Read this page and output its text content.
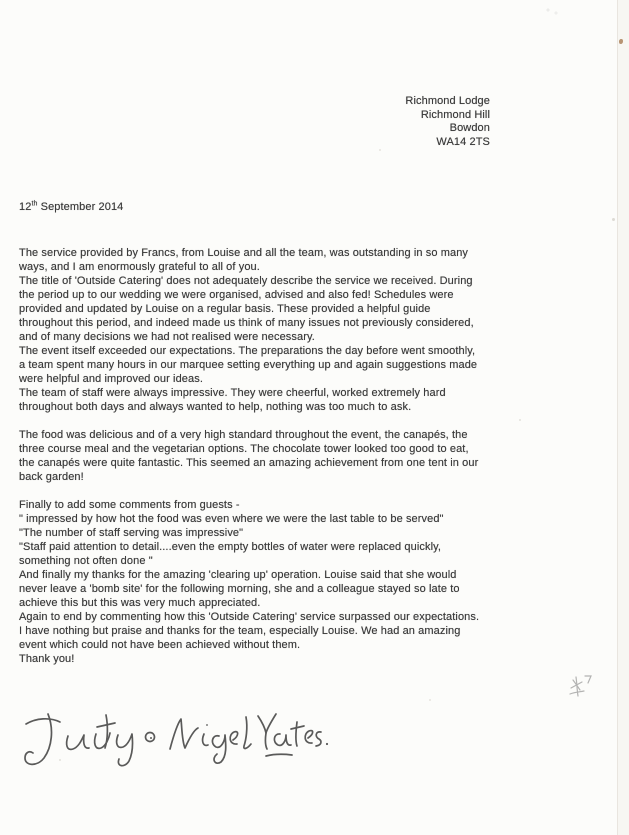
Richmond Lodge
Richmond Hill
Bowdon
WA14 2TS
12th September 2014
The service provided by Francs, from Louise and all the team, was outstanding in so many
ways, and I am enormously grateful to all of you.
The title of 'Outside Catering' does not adequately describe the service we received. During
the period up to our wedding we were organised, advised and also fed! Schedules were
provided and updated by Louise on a regular basis. These provided a helpful guide
throughout this period, and indeed made us think of many issues not previously considered,
and of many decisions we had not realised were necessary.
The event itself exceeded our expectations. The preparations the day before went smoothly,
a team spent many hours in our marquee setting everything up and again suggestions made
were helpful and improved our ideas.
The team of staff were always impressive. They were cheerful, worked extremely hard
throughout both days and always wanted to help, nothing was too much to ask.

The food was delicious and of a very high standard throughout the event, the canapés, the
three course meal and the vegetarian options. The chocolate tower looked too good to eat,
the canapés were quite fantastic. This seemed an amazing achievement from one tent in our
back garden!

Finally to add some comments from guests -
" impressed by how hot the food was even where we were the last table to be served"
"The number of staff serving was impressive"
"Staff paid attention to detail....even the empty bottles of water were replaced quickly,
something not often done "
And finally my thanks for the amazing 'clearing up' operation. Louise said that she would
never leave a 'bomb site' for the following morning, she and a colleague stayed so late to
achieve this but this was very much appreciated.
Again to end by commenting how this 'Outside Catering' service surpassed our expectations.
I have nothing but praise and thanks for the team, especially Louise. We had an amazing
event which could not have been achieved without them.
Thank you!
